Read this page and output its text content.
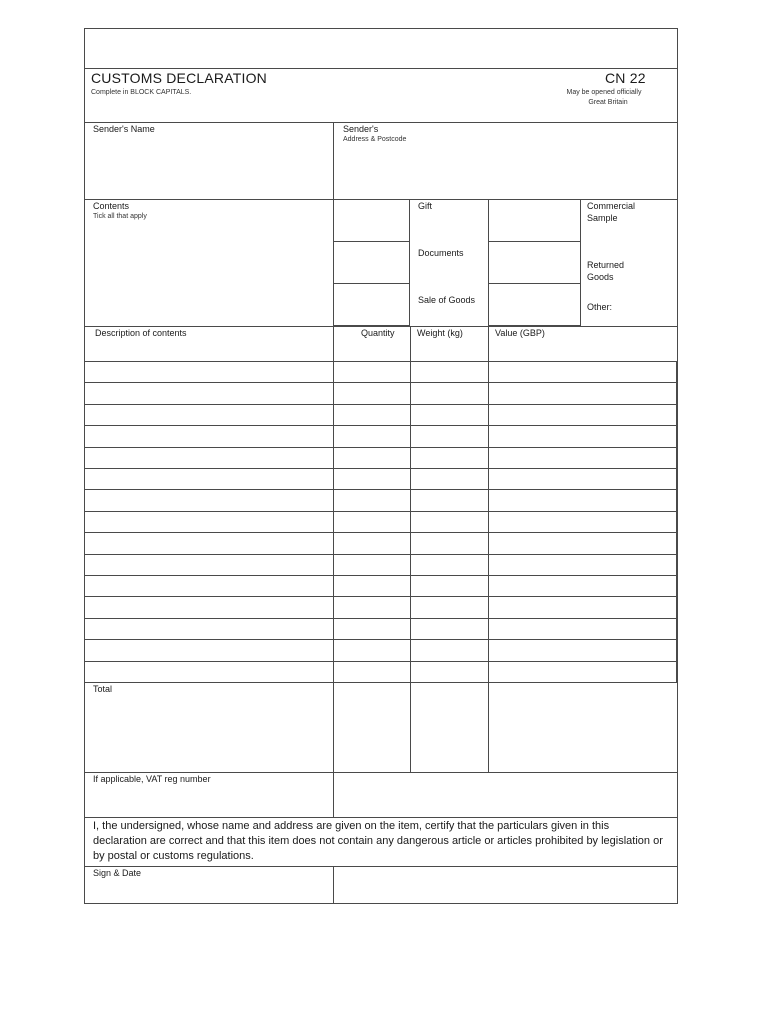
CUSTOMS DECLARATION
Complete in BLOCK CAPITALS.
CN 22
May be opened officially
Great Britain
Sender's Name	Sender's
Address & Postcode
Contents
Tick all that apply
Gift
Documents
Sale of Goods
Commercial
Sample
Returned
Goods
Other:
Description of contents	Quantity Weight (kg)	Value (GBP)
Total
If applicable, VAT reg number
I, the undersigned, whose name and address are given on the item, certify that the particulars given in this declaration are correct and that this item does not contain any dangerous article or articles prohibited by legislation or by postal or customs regulations.
Sign & Date
